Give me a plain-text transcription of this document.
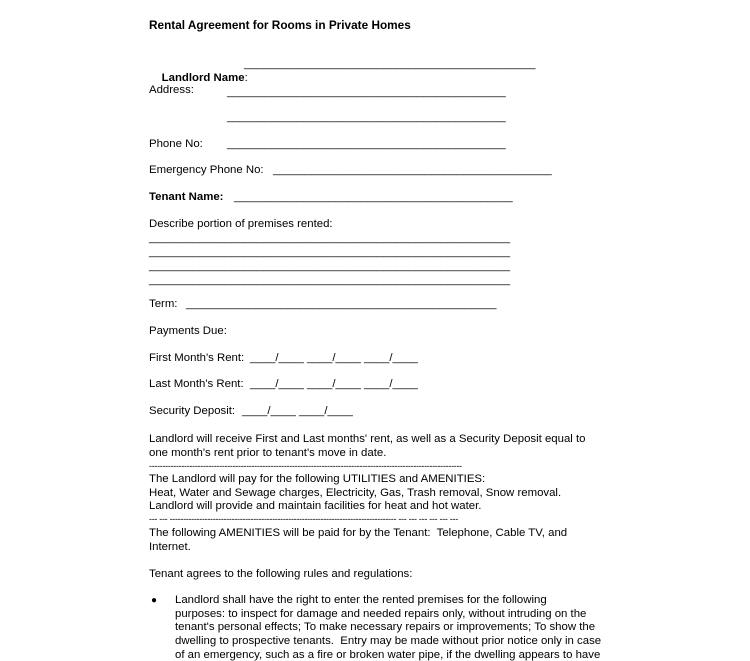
Rental Agreement for Rooms in Private Homes

Landlord Name:

______________________________________________
Address:	____________________________________________
____________________________________________
Phone No: ____________________________________________
Emergency Phone No: ____________________________________________
Tenant Name: ____________________________________________
Describe portion of premises rented:
_________________________________________________________
_________________________________________________________
_________________________________________________________
_________________________________________________________
Term: _________________________________________________
Payments Due:
First Month's Rent: ____/____ ____/____ ____/____
Last Month's Rent: ____/____ ____/____ ____/____
Security Deposit: ____/____ ____/____
Landlord will receive First and Last months' rent, as well as a Security Deposit equal to
one month's rent prior to tenant's move in date.
--------------------------------------------------------------------------------------------------------------------
The Landlord will pay for the following UTILITIES and AMENITIES:
Heat, Water and Sewage charges, Electricity, Gas, Trash removal, Snow removal.
Landlord will provide and maintain facilities for heat and hot water.
--- --- ------------------------------------------------------------------------------------ --- --- --- --- --- ---
The following AMENITIES will be paid for by the Tenant:  Telephone, Cable TV, and
Internet.
Tenant agrees to the following rules and regulations:
● Landlord shall have the right to enter the rented premises for the following
purposes: to inspect for damage and needed repairs only, without intruding on the
tenant's personal effects; To make necessary repairs or improvements; To show the
dwelling to prospective tenants.  Entry may be made without prior notice only in case
of an emergency, such as a fire or broken water pipe, if the dwelling appears to have
